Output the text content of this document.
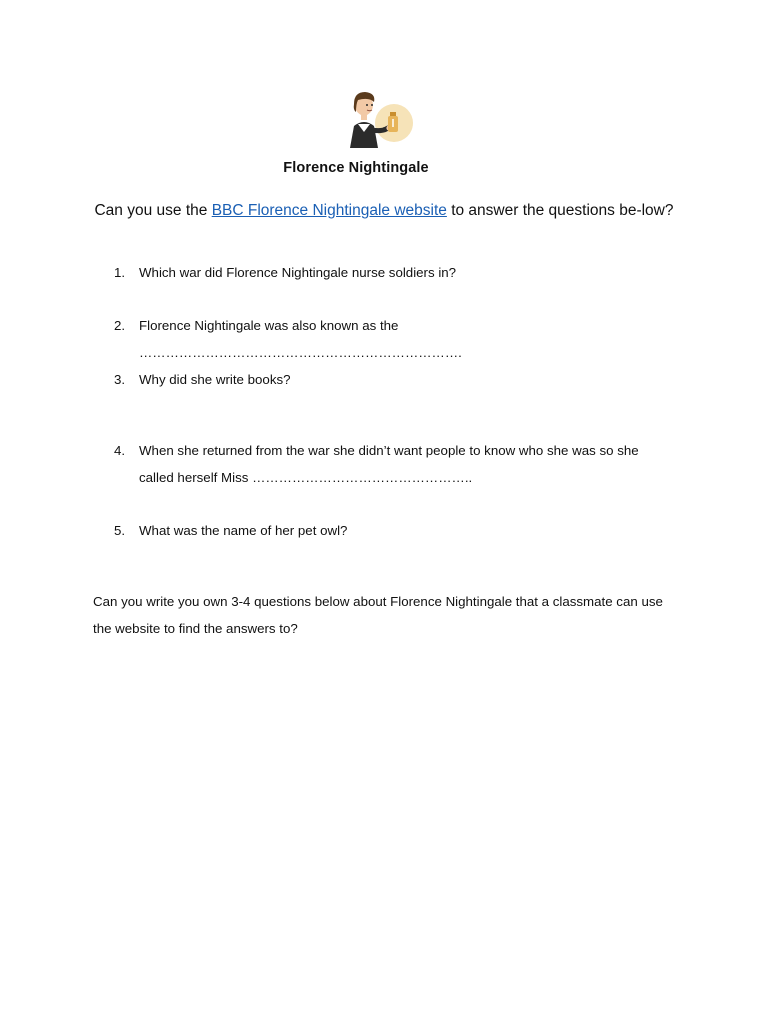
Florence Nightingale
Can you use the BBC Florence Nightingale website to answer the questions be-low?
1.	Which war did Florence Nightingale nurse soldiers in?
2.	Florence Nightingale was also known as the ……………………………………………………………….
3.	Why did she write books?
4.	When she returned from the war she didn’t want people to know who she was so she called herself Miss …………………………………………..
5.	What was the name of her pet owl?
Can you write you own 3-4 questions below about Florence Nightingale that a classmate can use the website to find the answers to?
